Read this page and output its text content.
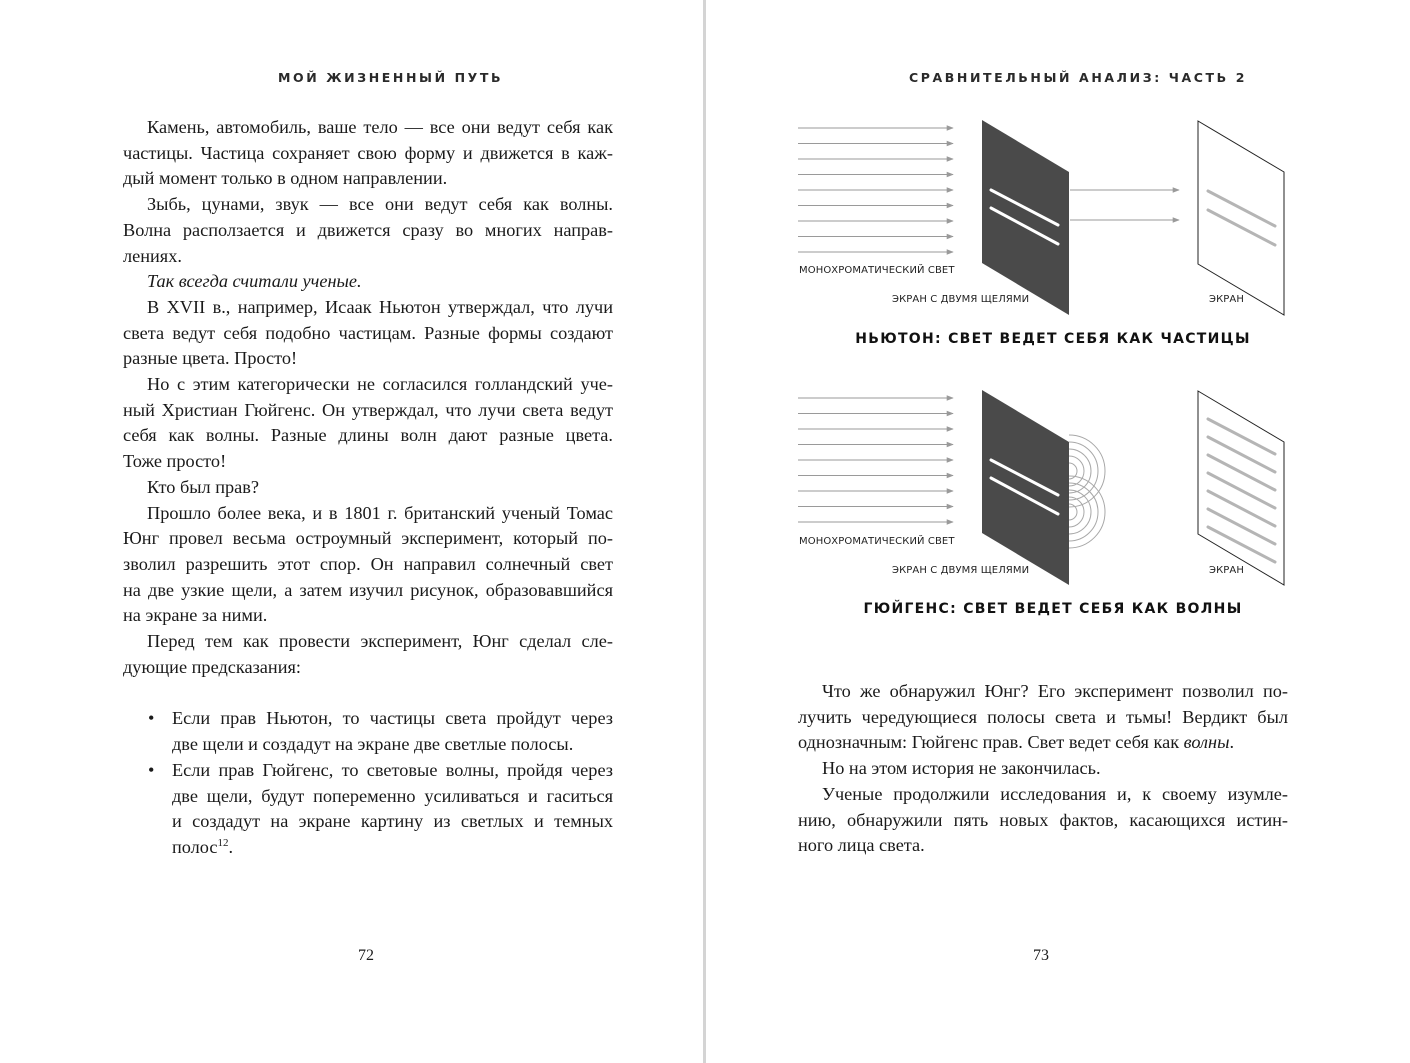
МОЙ ЖИЗНЕННЫЙ ПУТЬ

Камень, автомобиль, ваше тело — все они ведут себя как

частицы. Частица сохраняет свою форму и движется в каж-

дый момент только в одном направлении.

Зыбь, цунами, звук — все они ведут себя как волны.

Волна расползается и движется сразу во многих направ-

лениях.

Так всегда считали ученые.

В XVII в., например, Исаак Ньютон утверждал, что лучи

света ведут себя подобно частицам. Разные формы создают

разные цвета. Просто!

Но с этим категорически не согласился голландский уче-

ный Христиан Гюйгенс. Он утверждал, что лучи света ведут

себя как волны. Разные длины волн дают разные цвета.

Тоже просто!

Кто был прав?

Прошло более века, и в 1801 г. британский ученый Томас

Юнг провел весьма остроумный эксперимент, который по-

зволил разрешить этот спор. Он направил солнечный свет

на две узкие щели, а затем изучил рисунок, образовавшийся

на экране за ними.

Перед тем как провести эксперимент, Юнг сделал сле-

дующие предсказания:

• Если прав Ньютон, то частицы света пройдут через
две щели и создадут на экране две светлые полосы.
• Если прав Гюйгенс, то световые волны, пройдя через
две щели, будут попеременно усиливаться и гаситься
и создадут на экране картину из светлых и темных
полос$^{12}$.
72
СРАВНИТЕЛЬНЫЙ АНАЛИЗ: ЧАСТЬ 2
МОНОХРОМАТИЧЕСКИЙ СВЕТ
ЭКРАН С ДВУМЯ ЩЕЛЯМИ	ЭКРАН
НЬЮТОН: СВЕТ ВЕДЕТ СЕБЯ КАК ЧАСТИЦЫ
МОНОХРОМАТИЧЕСКИЙ СВЕТ
ЭКРАН С ДВУМЯ ЩЕЛЯМИ	ЭКРАН
ГЮЙГЕНС: СВЕТ ВЕДЕТ СЕБЯ КАК ВОЛНЫ

Что же обнаружил Юнг? Его эксперимент позволил по-

лучить чередующиеся полосы света и тьмы! Вердикт был

однозначным: Гюйгенс прав. Свет ведет себя как волны.

Но на этом история не закончилась.

Ученые продолжили исследования и, к своему изумле-

нию, обнаружили пять новых фактов, касающихся истин-

ного лица света.

73
